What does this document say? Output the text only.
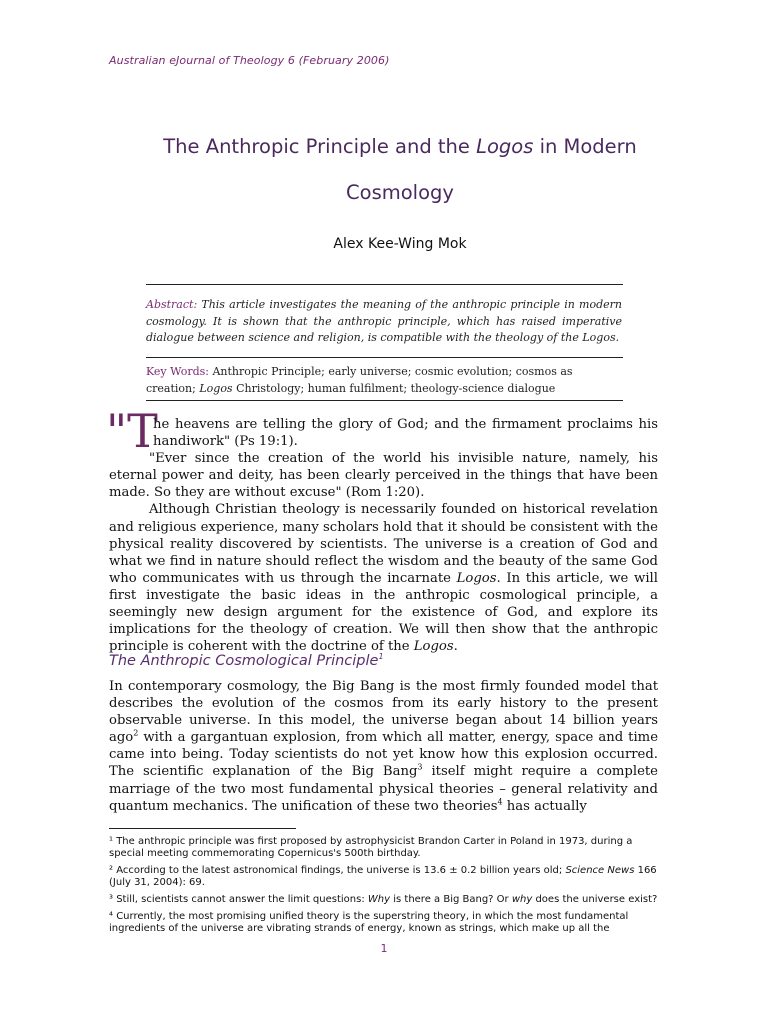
Australian eJournal of Theology 6 (February 2006)
The Anthropic Principle and the Logos in Modern
Cosmology
Alex Kee-Wing Mok
Abstract: This article investigates the meaning of the anthropic principle in modern cosmology. It is shown that the anthropic principle, which has raised imperative dialogue between science and religion, is compatible with the theology of the Logos.
Key Words: Anthropic Principle; early universe; cosmic evolution; cosmos as creation; Logos Christology; human fulfilment; theology-science dialogue
"T

he heavens are telling the glory of God; and the firmament proclaims his handiwork" (Ps 19:1).

"Ever since the creation of the world his invisible nature, namely, his eternal power and deity, has been clearly perceived in the things that have been made. So they are without excuse" (Rom 1:20).

Although Christian theology is necessarily founded on historical revelation and religious experience, many scholars hold that it should be consistent with the physical reality discovered by scientists. The universe is a creation of God and what we find in nature should reflect the wisdom and the beauty of the same God who communicates with us through the incarnate Logos. In this article, we will first investigate the basic ideas in the anthropic cosmological principle, a seemingly new design argument for the existence of God, and explore its implications for the theology of creation. We will then show that the anthropic principle is coherent with the doctrine of the Logos.

The Anthropic Cosmological Principle$^1$

In contemporary cosmology, the Big Bang is the most firmly founded model that describes the evolution of the cosmos from its early history to the present observable universe. In this model, the universe began about 14 billion years ago$^2$ with a gargantuan explosion, from which all matter, energy, space and time came into being. Today scientists do not yet know how this explosion occurred. The scientific explanation of the Big Bang$^3$ itself might require a complete marriage of the two most fundamental physical theories – general relativity and quantum mechanics. The unification of these two theories$^4$ has actually

¹ The anthropic principle was first proposed by astrophysicist Brandon Carter in Poland in 1973, during a special meeting commemorating Copernicus's 500th birthday.

² According to the latest astronomical findings, the universe is 13.6 ± 0.2 billion years old; Science News 166 (July 31, 2004): 69.

³ Still, scientists cannot answer the limit questions: Why is there a Big Bang? Or why does the universe exist?

⁴ Currently, the most promising unified theory is the superstring theory, in which the most fundamental ingredients of the universe are vibrating strands of energy, known as strings, which make up all the

1
